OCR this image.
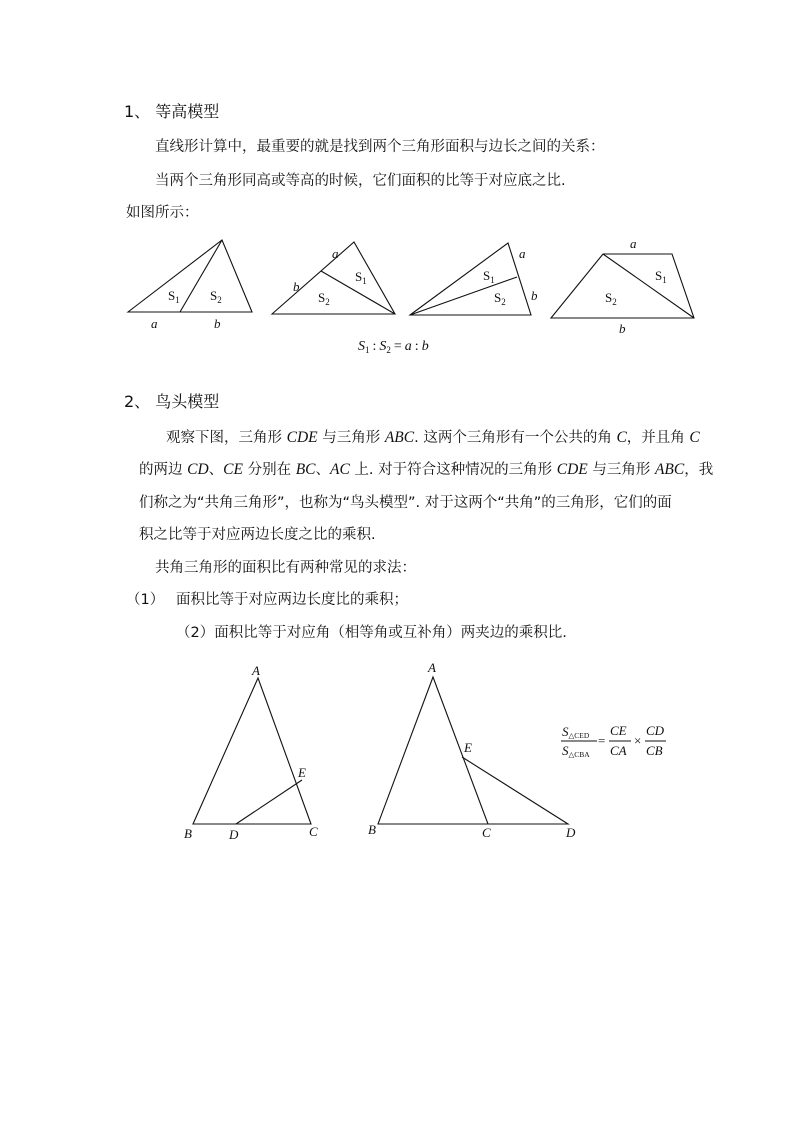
1、 等高模型
直线形计算中，最重要的就是找到两个三角形面积与边长之间的关系：
当两个三角形同高或等高的时候，它们面积的比等于对应底之比.
如图所示：
$S_1$ $S_2$
a	b
a
b
$S_1$
$S_2$
a
b
$S_1$
$S_2$
a
b
$S_1$
$S_2$
$S_1$ : $S_2 = a$ : b
2、 鸟头模型
观察下图，三角形 CDE 与三角形 ABC. 这两个三角形有一个公共的角 C，并且角 C
的两边 CD、CE 分别在 BC、AC 上. 对于符合这种情况的三角形 CDE 与三角形 ABC，我
们称之为“共角三角形”，也称为“鸟头模型”. 对于这两个“共角”的三角形，它们的面
积之比等于对应两边长度之比的乘积.
共角三角形的面积比有两种常见的求法：
（1） 面积比等于对应两边长度比的乘积；
（2）面积比等于对应角（相等角或互补角）两夹边的乘积比.
A
B	D	C
E
A
B	C	D
E
S△CED
S△CBA
=
CE
CA
×
CD
CB
